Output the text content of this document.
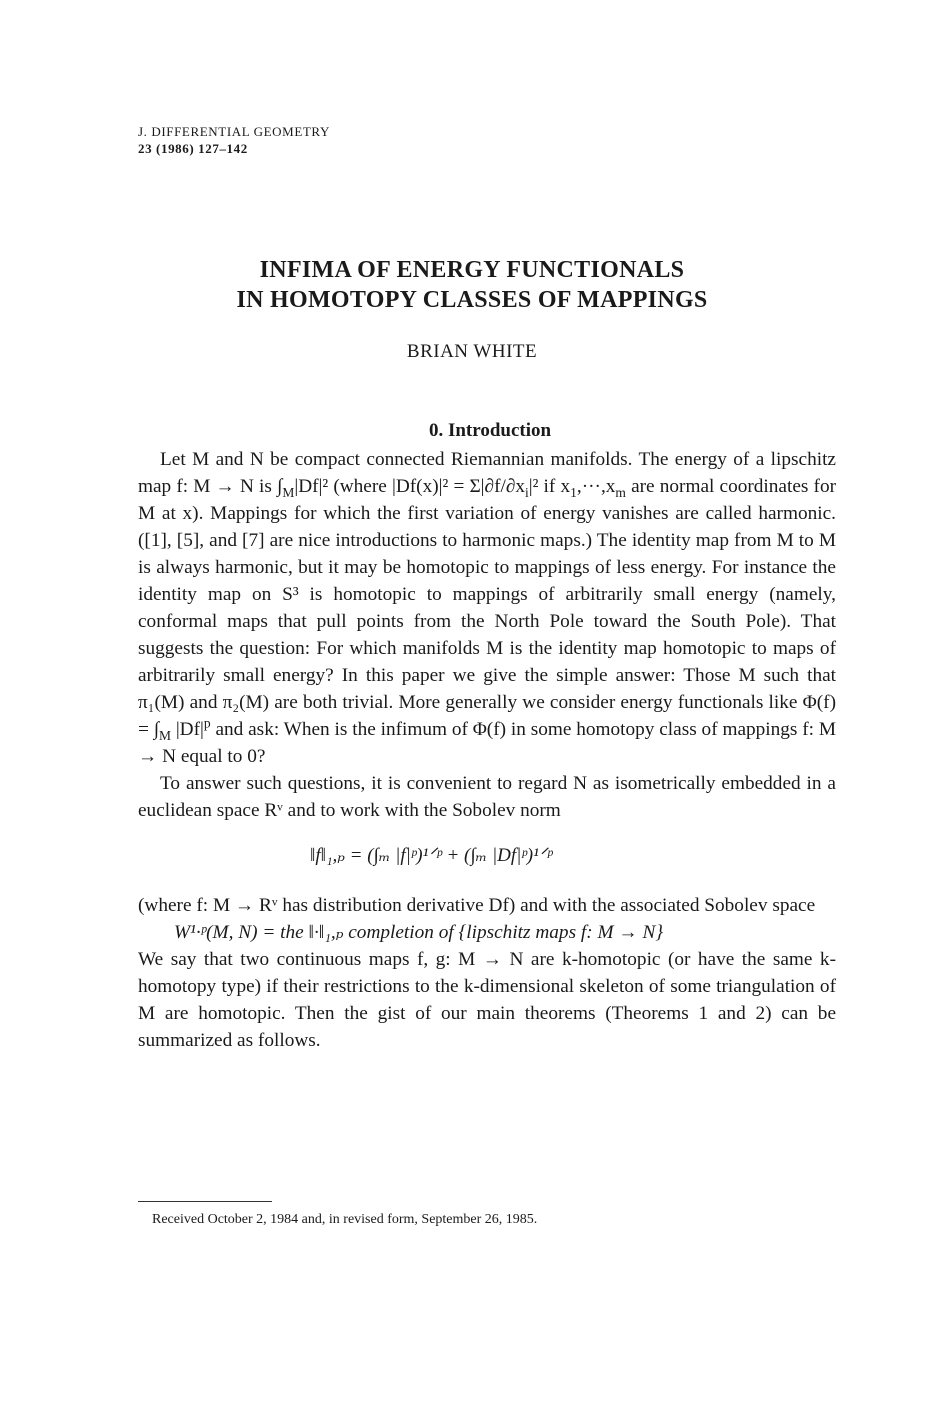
J. DIFFERENTIAL GEOMETRY
23 (1986) 127–142
INFIMA OF ENERGY FUNCTIONALS
IN HOMOTOPY CLASSES OF MAPPINGS
BRIAN WHITE
0. Introduction

Let M and N be compact connected Riemannian manifolds. The energy of a lipschitz map f: M → N is $\int_M|Df|^2$ (where $|Df(x)|^2 = \Sigma|\partial f/\partial x_i|^2$ if $x_1,\cdot\cdot\cdot,x_m$ are normal coordinates for M at x). Mappings for which the first variation of energy vanishes are called harmonic. ([1], [5], and [7] are nice introductions to harmonic maps.) The identity map from M to M is always harmonic, but it may be homotopic to mappings of less energy. For instance the identity map on S³ is homotopic to mappings of arbitrarily small energy (namely, conformal maps that pull points from the North Pole toward the South Pole). That suggests the question: For which manifolds M is the identity map homotopic to maps of arbitrarily small energy? In this paper we give the simple answer: Those M such that π₁(M) and π₂(M) are both trivial. More generally we consider energy functionals like $\Phi(f) = \int_M$ $|Df|^p$ and ask: When is the infimum of Φ(f) in some homotopy class of mappings f: M → N equal to 0?

To answer such questions, it is convenient to regard N as isometrically embedded in a euclidean space Rᵛ and to work with the Sobolev norm

‖f‖₁,ₚ = (∫ₘ |f|ᵖ)¹ᐟᵖ + (∫ₘ |Df|ᵖ)¹ᐟᵖ

(where f: M → Rᵛ has distribution derivative Df) and with the associated Sobolev space

W¹·ᵖ(M, N) = the ‖·‖₁,ₚ completion of {lipschitz maps f: M → N}

We say that two continuous maps f, g: M → N are k-homotopic (or have the same k-homotopy type) if their restrictions to the k-dimensional skeleton of some triangulation of M are homotopic. Then the gist of our main theorems (Theorems 1 and 2) can be summarized as follows.

Received October 2, 1984 and, in revised form, September 26, 1985.
